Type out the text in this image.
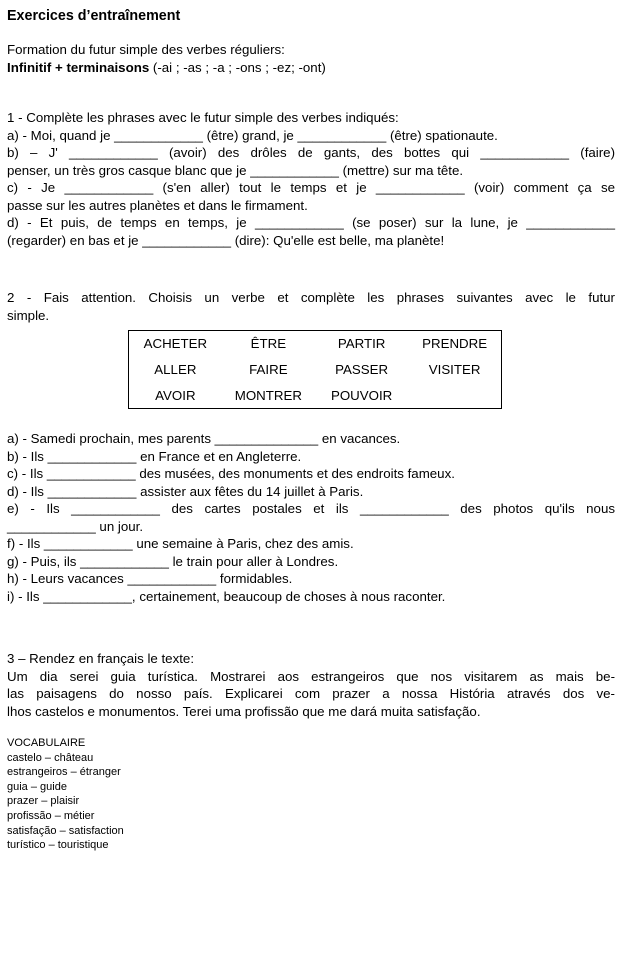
Exercices d’entraînement
Formation du futur simple des verbes réguliers:
Infinitif + terminaisons (-ai ; -as ; -a ; -ons ; -ez; -ont)
1 - Complète les phrases avec le futur simple des verbes indiqués:
a) - Moi, quand je ____________ (être) grand, je ____________ (être) spationaute.
b) – J' ____________ (avoir) des drôles de gants, des bottes qui ____________ (faire)
penser, un très gros casque blanc que je ____________ (mettre) sur ma tête.
c) - Je ____________ (s'en aller) tout le temps et je ____________ (voir) comment ça se
passe sur les autres planètes et dans le firmament.
d) - Et puis, de temps en temps, je ____________ (se poser) sur la lune, je ____________
(regarder) en bas et je ____________ (dire): Qu'elle est belle, ma planète!
2 - Fais attention. Choisis un verbe et complète les phrases suivantes avec le futur
simple.
ACHETER	ÊTRE	PARTIR	PRENDRE
ALLER	FAIRE	PASSER	VISITER
AVOIR	MONTRER	POUVOIR	
a) - Samedi prochain, mes parents ______________ en vacances.
b) - Ils ____________ en France et en Angleterre.
c) - Ils ____________ des musées, des monuments et des endroits fameux.
d) - Ils ____________ assister aux fêtes du 14 juillet à Paris.
e) - Ils ____________ des cartes postales et ils ____________ des photos qu'ils nous
____________ un jour.
f) - Ils ____________ une semaine à Paris, chez des amis.
g) - Puis, ils ____________ le train pour aller à Londres.
h) - Leurs vacances ____________ formidables.
i) - Ils ____________, certainement, beaucoup de choses à nous raconter.
3 – Rendez en français le texte:
Um dia serei guia turística. Mostrarei aos estrangeiros que nos visitarem as mais be-
las paisagens do nosso país. Explicarei com prazer a nossa História através dos ve-
lhos castelos e monumentos. Terei uma profissão que me dará muita satisfação.
VOCABULAIRE
castelo – château
estrangeiros – étranger
guia – guide
prazer – plaisir
profissão – métier
satisfação – satisfaction
turístico – touristique
